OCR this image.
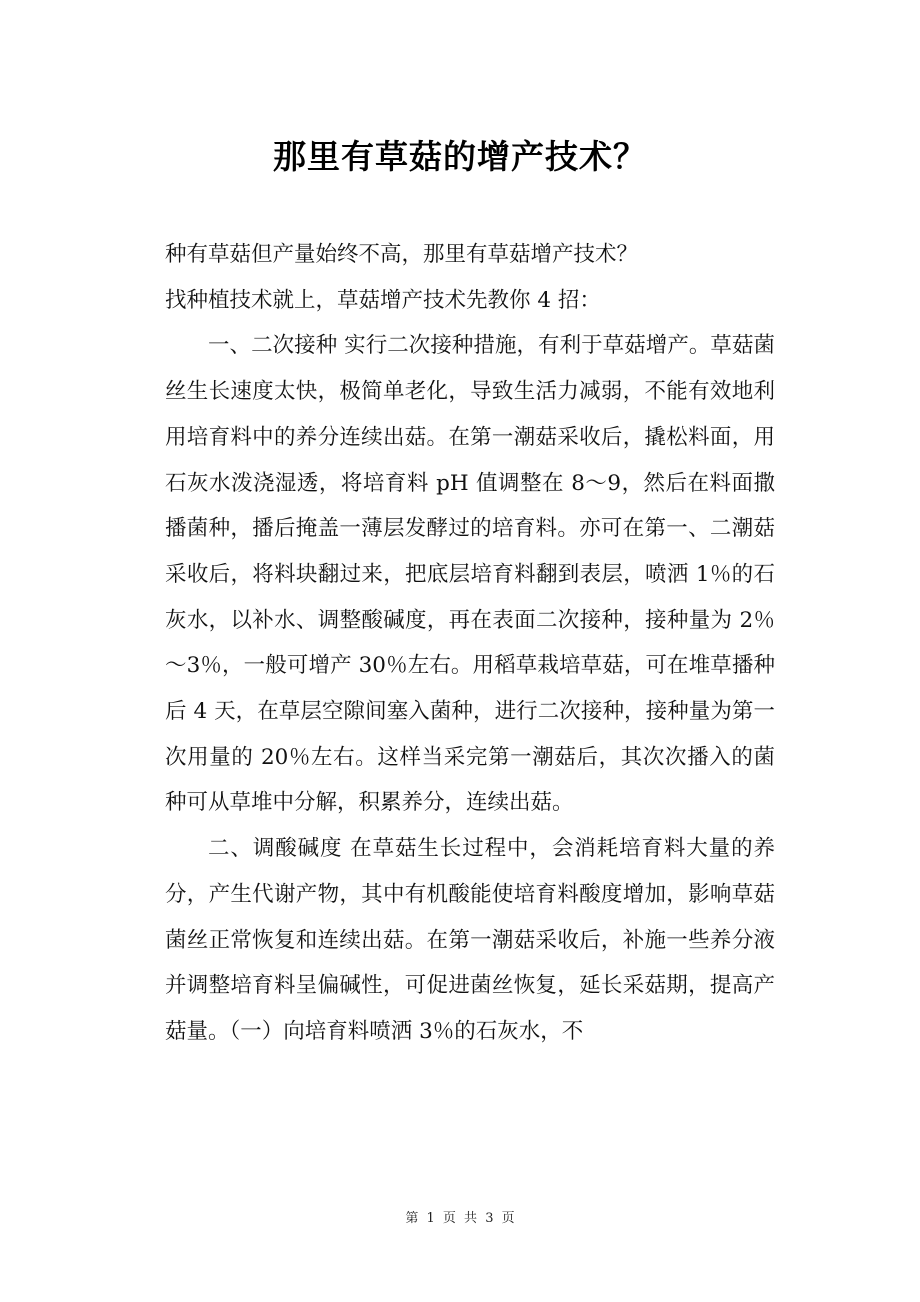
那里有草菇的增产技术？

种有草菇但产量始终不高，那里有草菇增产技术？

找种植技术就上，草菇增产技术先教你 4 招：

一、二次接种 实行二次接种措施，有利于草菇增产。草菇菌丝生长速度太快，极简单老化，导致生活力减弱，不能有效地利用培育料中的养分连续出菇。在第一潮菇采收后，撬松料面，用石灰水泼浇湿透，将培育料 pH 值调整在 8～9，然后在料面撒播菌种，播后掩盖一薄层发酵过的培育料。亦可在第一、二潮菇采收后，将料块翻过来，把底层培育料翻到表层，喷洒 1％的石灰水，以补水、调整酸碱度，再在表面二次接种，接种量为 2％～3％，一般可增产 30％左右。用稻草栽培草菇，可在堆草播种后 4 天，在草层空隙间塞入菌种，进行二次接种，接种量为第一次用量的 20％左右。这样当采完第一潮菇后，其次次播入的菌种可从草堆中分解，积累养分，连续出菇。

二、调酸碱度 在草菇生长过程中，会消耗培育料大量的养分，产生代谢产物，其中有机酸能使培育料酸度增加，影响草菇菌丝正常恢复和连续出菇。在第一潮菇采收后，补施一些养分液并调整培育料呈偏碱性，可促进菌丝恢复，延长采菇期，提高产菇量。（一）向培育料喷洒 3％的石灰水，不

第 1 页 共 3 页
